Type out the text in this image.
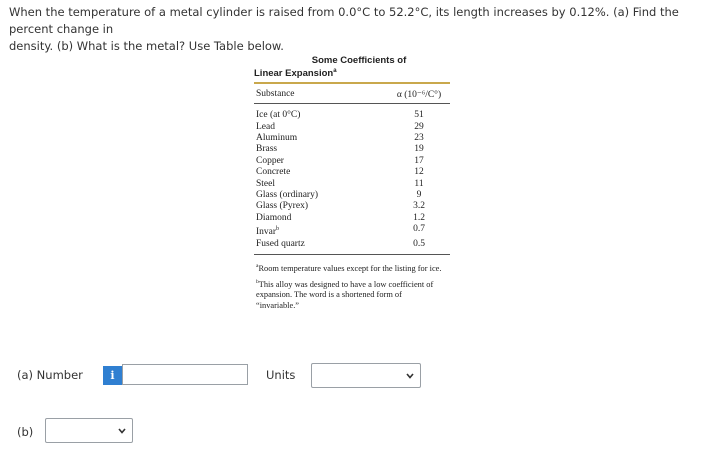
When the temperature of a metal cylinder is raised from 0.0°C to 52.2°C, its length increases by 0.12%. (a) Find the percent change in
density. (b) What is the metal? Use Table below.
Some Coefficients of
Linear Expansion$^a$
Substance	α (10⁻⁶/C°)
Ice (at 0°C)	51
Lead	29
Aluminum	23
Brass	19
Copper	17
Concrete	12
Steel	11
Glass (ordinary)	9
Glass (Pyrex)	3.2
Diamond	1.2
Invar$^b$	0.7
Fused quartz	0.5

$^a$Room temperature values except for the listing for ice.

$^b$This alloy was designed to have a low coefficient of expansion. The word is a shortened form of “invariable.”

(a) Number	i	Units
(b)
